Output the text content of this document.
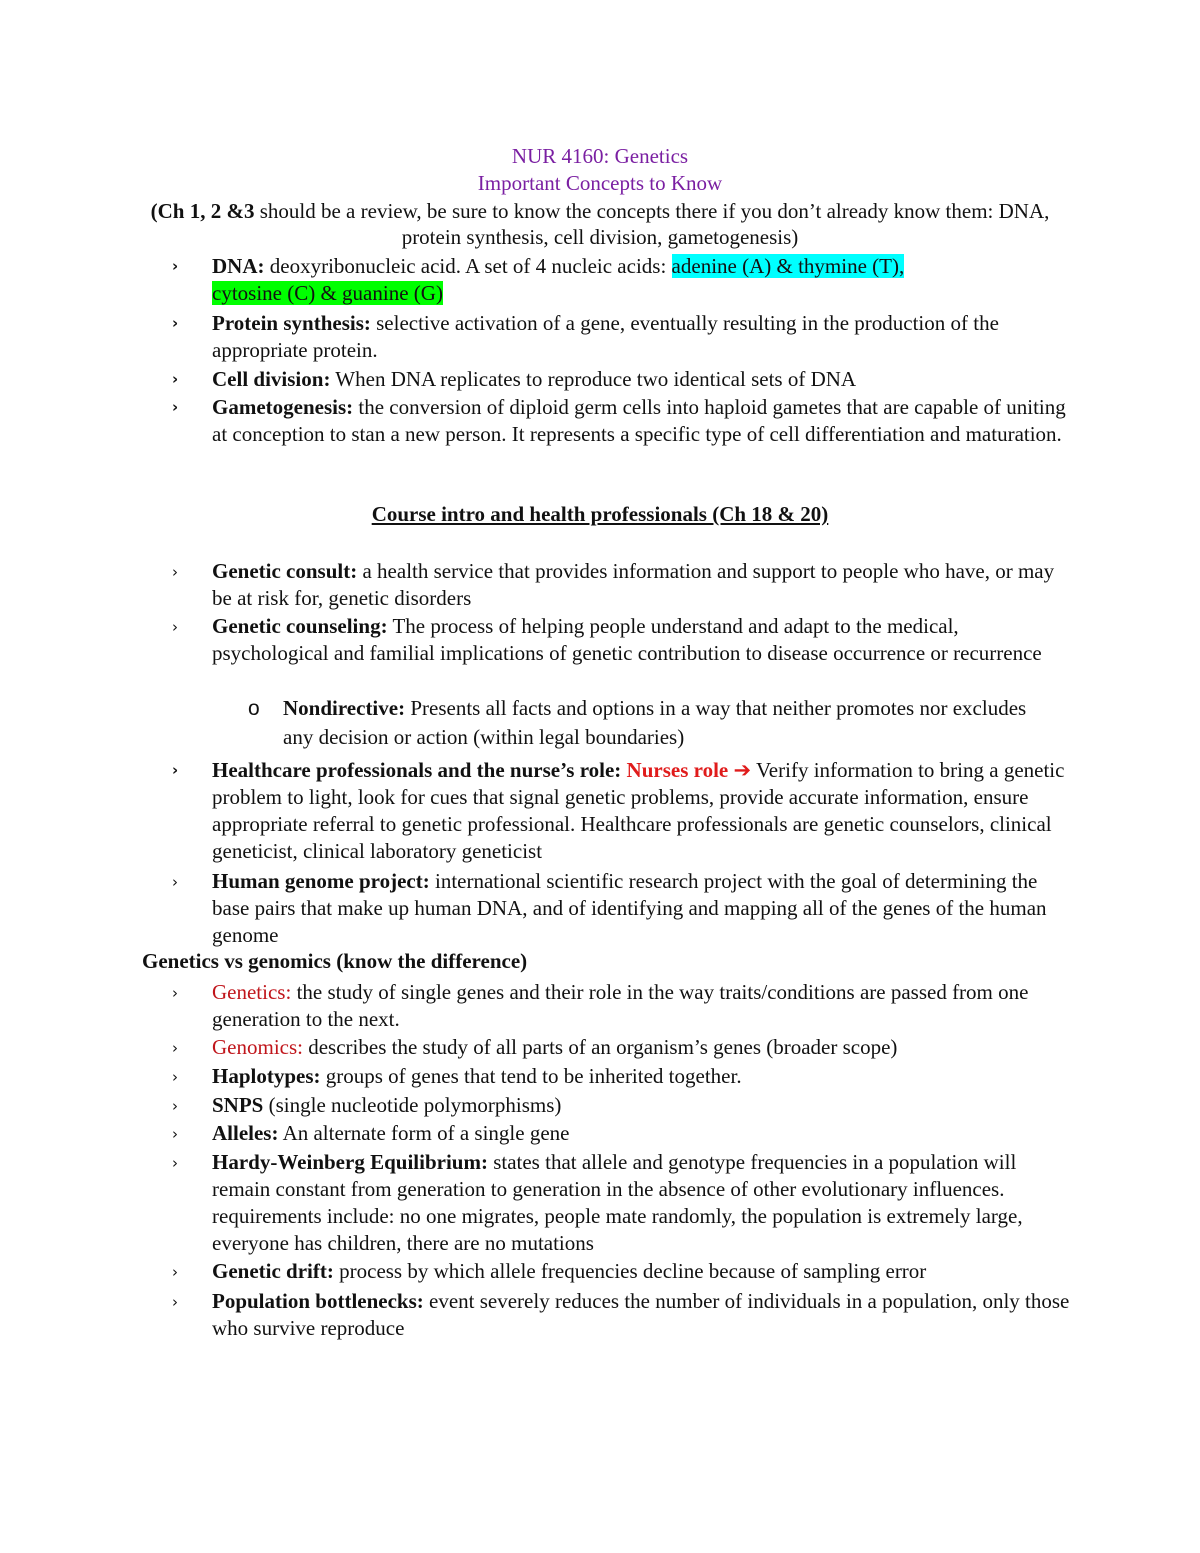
NUR 4160: Genetics
Important Concepts to Know
(Ch 1, 2 &3 should be a review, be sure to know the concepts there if you don’t already know them: DNA, protein synthesis, cell division, gametogenesis)
› DNA: deoxyribonucleic acid. A set of 4 nucleic acids: adenine (A) & thymine (T),
cytosine (C) & guanine (G)
› Protein synthesis: selective activation of a gene, eventually resulting in the production of the appropriate protein.
› Cell division: When DNA replicates to reproduce two identical sets of DNA
› Gametogenesis: the conversion of diploid germ cells into haploid gametes that are capable of uniting at conception to stan a new person. It represents a specific type of cell differentiation and maturation.
Course intro and health professionals (Ch 18 & 20)
› Genetic consult: a health service that provides information and support to people who have, or may be at risk for, genetic disorders
› Genetic counseling: The process of helping people understand and adapt to the medical, psychological and familial implications of genetic contribution to disease occurrence or recurrence
o Nondirective: Presents all facts and options in a way that neither promotes nor excludes any decision or action (within legal boundaries)
› Healthcare professionals and the nurse’s role: Nurses role ➔ Verify information to bring a genetic problem to light, look for cues that signal genetic problems, provide accurate information, ensure appropriate referral to genetic professional. Healthcare professionals are genetic counselors, clinical geneticist, clinical laboratory geneticist
› Human genome project: international scientific research project with the goal of determining the base pairs that make up human DNA, and of identifying and mapping all of the genes of the human genome
Genetics vs genomics (know the difference)
› Genetics: the study of single genes and their role in the way traits/conditions are passed from one generation to the next.
› Genomics: describes the study of all parts of an organism’s genes (broader scope)
› Haplotypes: groups of genes that tend to be inherited together.
› SNPS (single nucleotide polymorphisms)
› Alleles: An alternate form of a single gene
› Hardy-Weinberg Equilibrium: states that allele and genotype frequencies in a population will remain constant from generation to generation in the absence of other evolutionary influences. requirements include: no one migrates, people mate randomly, the population is extremely large, everyone has children, there are no mutations
› Genetic drift: process by which allele frequencies decline because of sampling error
› Population bottlenecks: event severely reduces the number of individuals in a population, only those who survive reproduce
